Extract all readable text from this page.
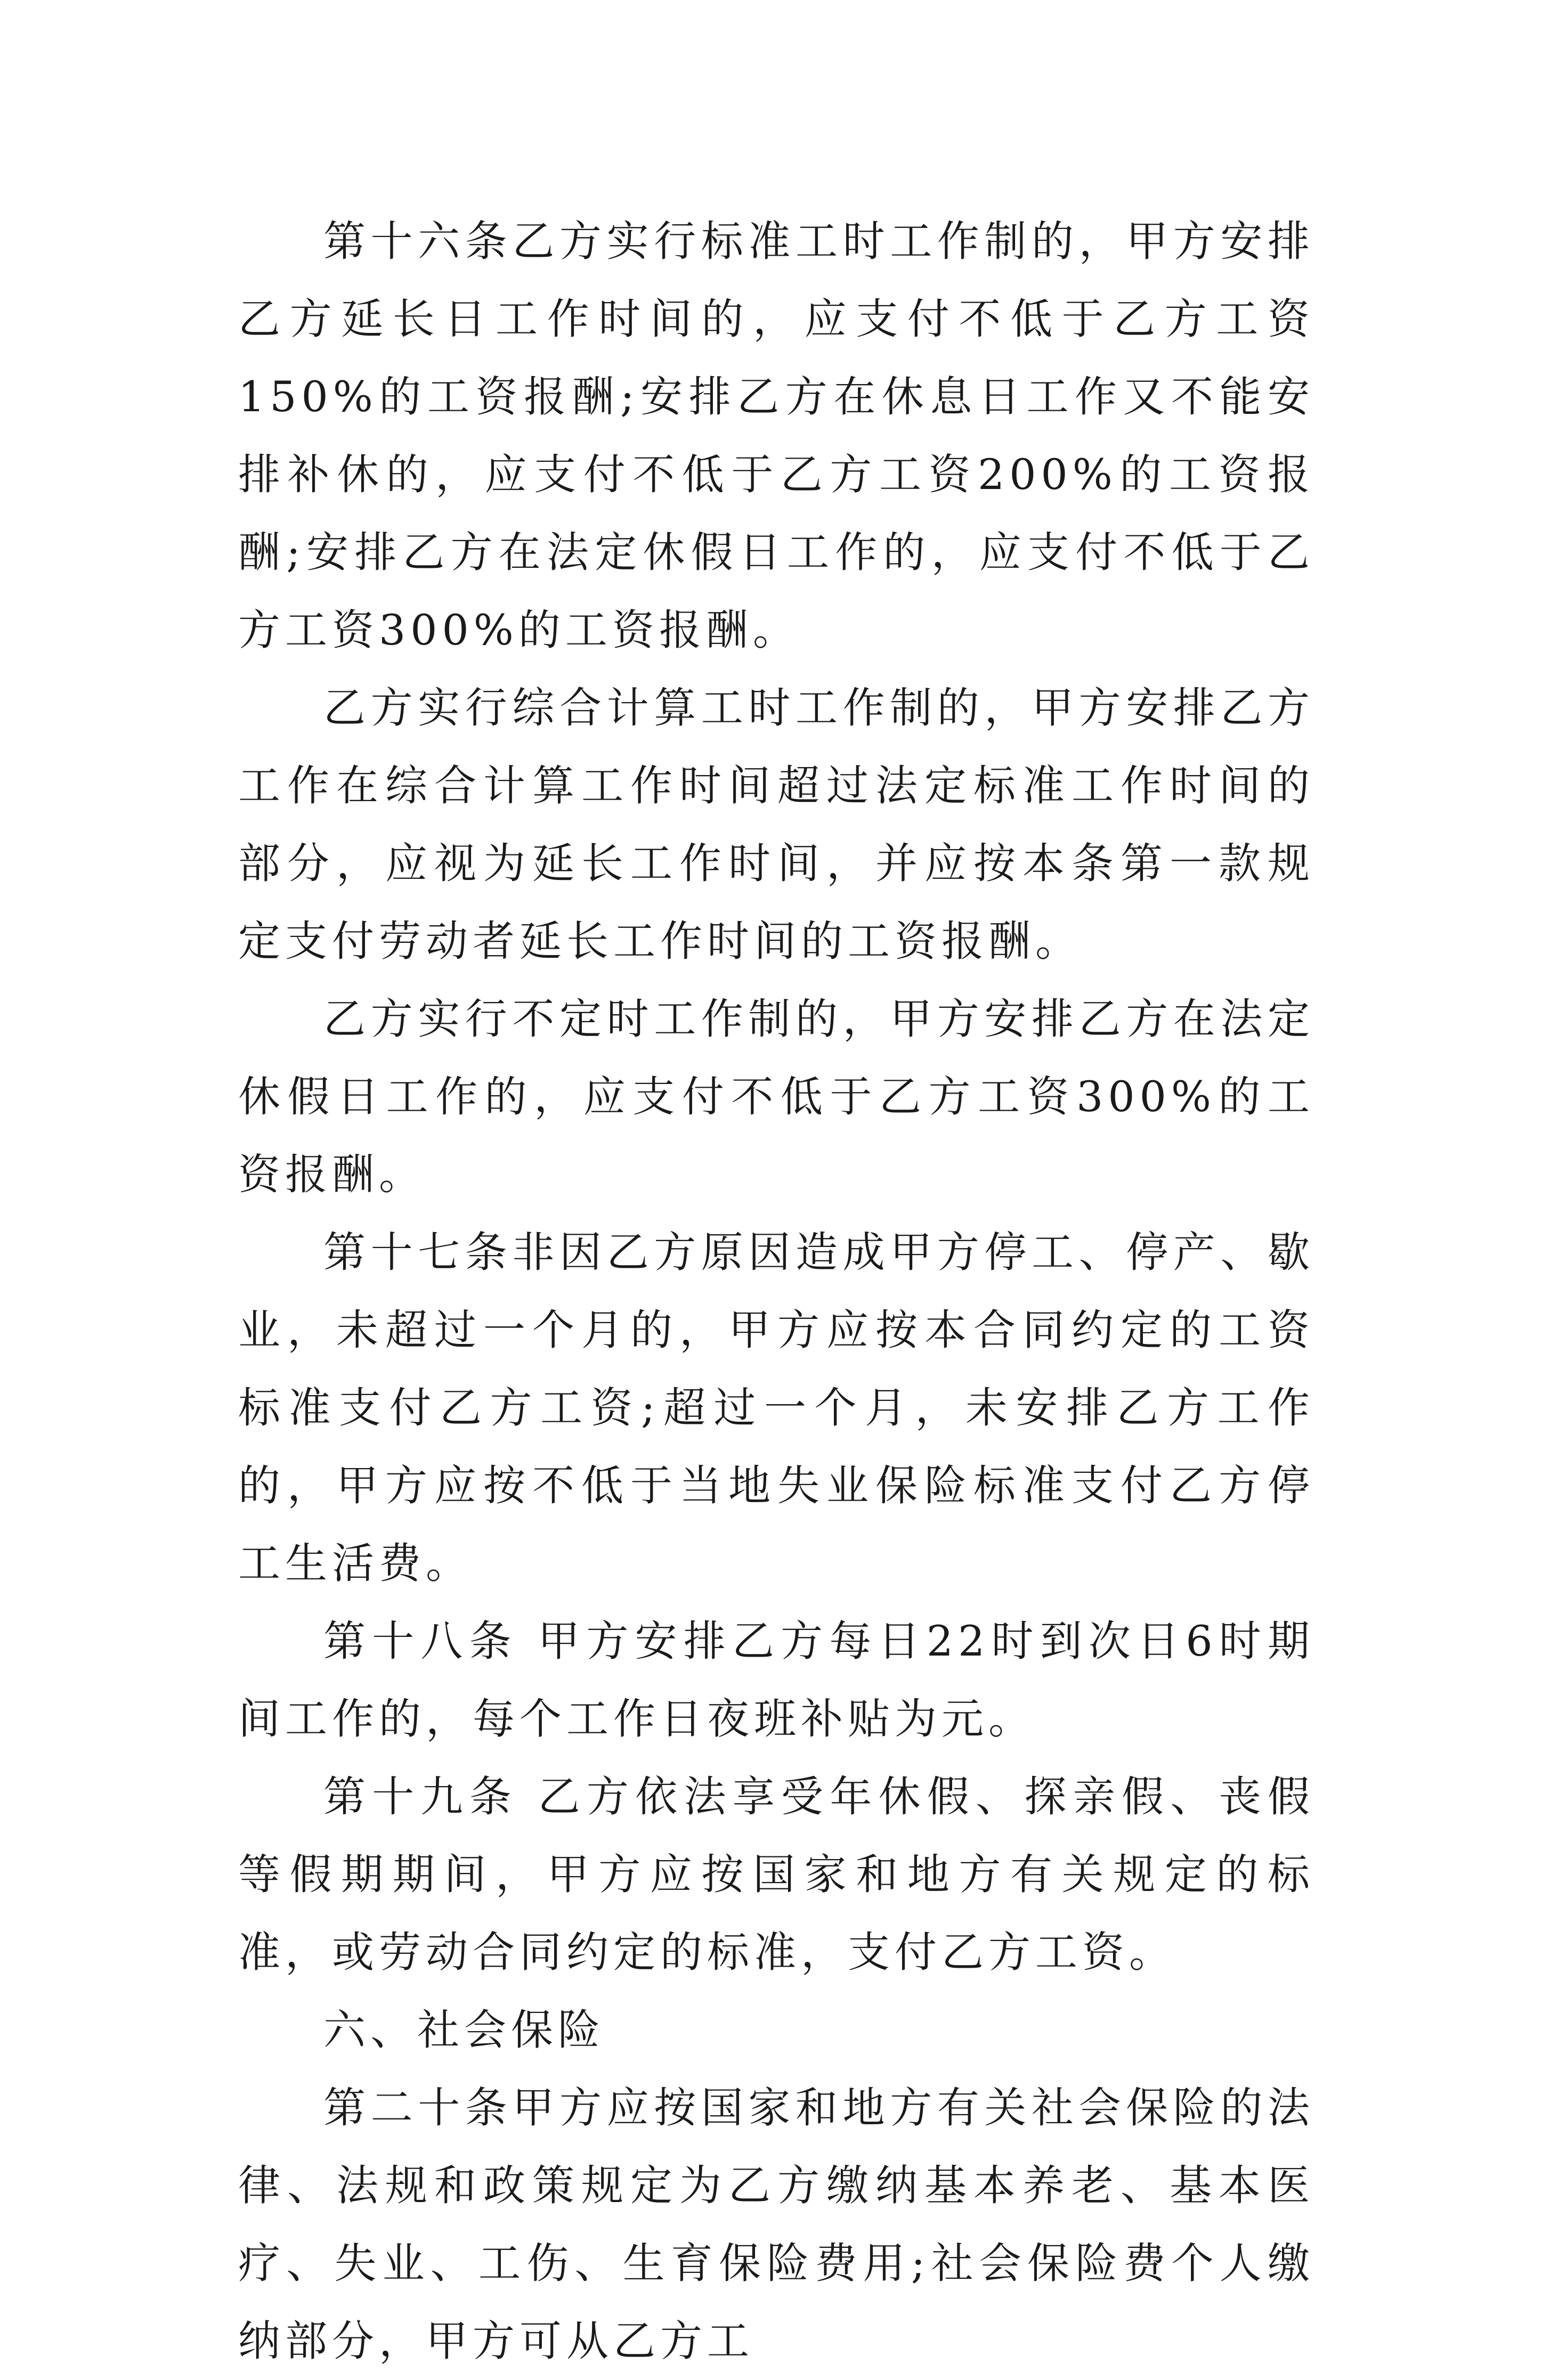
第十六条乙方实行标准工时工作制的，甲方安排乙方延长日工作时间的，应支付不低于乙方工资150%的工资报酬;安排乙方在休息日工作又不能安排补休的，应支付不低于乙方工资200%的工资报酬;安排乙方在法定休假日工作的，应支付不低于乙方工资300%的工资报酬。

乙方实行综合计算工时工作制的，甲方安排乙方工作在综合计算工作时间超过法定标准工作时间的部分，应视为延长工作时间，并应按本条第一款规定支付劳动者延长工作时间的工资报酬。

乙方实行不定时工作制的，甲方安排乙方在法定休假日工作的，应支付不低于乙方工资300%的工资报酬。

第十七条非因乙方原因造成甲方停工、停产、歇业，未超过一个月的，甲方应按本合同约定的工资标准支付乙方工资;超过一个月，未安排乙方工作的，甲方应按不低于当地失业保险标准支付乙方停工生活费。

第十八条 甲方安排乙方每日22时到次日6时期间工作的，每个工作日夜班补贴为元。

第十九条 乙方依法享受年休假、探亲假、丧假等假期期间，甲方应按国家和地方有关规定的标准，或劳动合同约定的标准，支付乙方工资。

六、社会保险

第二十条甲方应按国家和地方有关社会保险的法律、法规和政策规定为乙方缴纳基本养老、基本医疗、失业、工伤、生育保险费用;社会保险费个人缴纳部分，甲方可从乙方工
